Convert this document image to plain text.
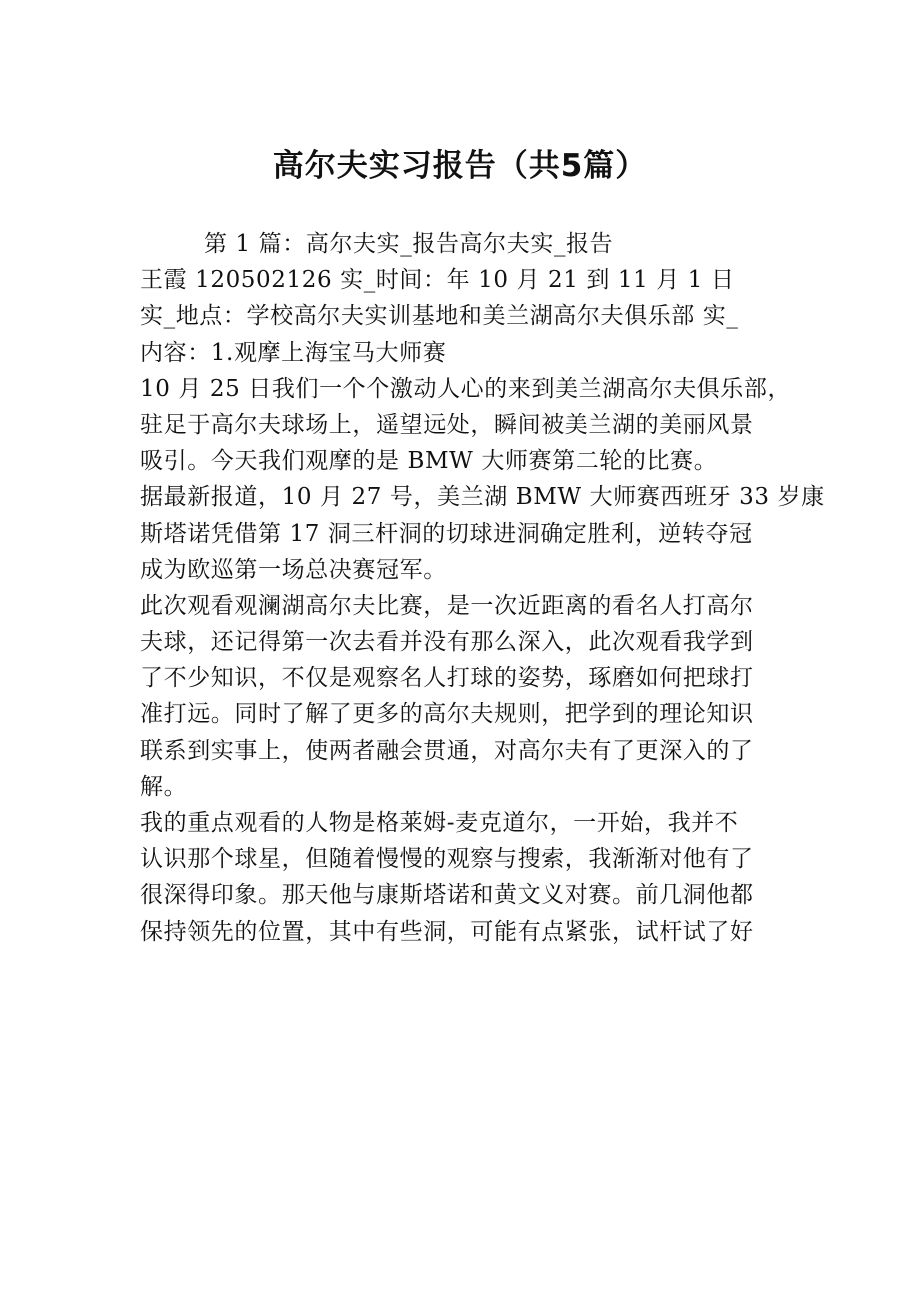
高尔夫实习报告（共5篇）
第 1 篇：高尔夫实_报告高尔夫实_报告
王霞 120502126 实_时间：年 10 月 21 到 11 月 1 日
实_地点：学校高尔夫实训基地和美兰湖高尔夫俱乐部 实_
内容：1.观摩上海宝马大师赛
10 月 25 日我们一个个激动人心的来到美兰湖高尔夫俱乐部，
驻足于高尔夫球场上，遥望远处，瞬间被美兰湖的美丽风景
吸引。今天我们观摩的是 BMW 大师赛第二轮的比赛。
据最新报道，10 月 27 号，美兰湖 BMW 大师赛西班牙 33 岁康
斯塔诺凭借第 17 洞三杆洞的切球进洞确定胜利，逆转夺冠
成为欧巡第一场总决赛冠军。
此次观看观澜湖高尔夫比赛，是一次近距离的看名人打高尔
夫球，还记得第一次去看并没有那么深入，此次观看我学到
了不少知识，不仅是观察名人打球的姿势，琢磨如何把球打
准打远。同时了解了更多的高尔夫规则，把学到的理论知识
联系到实事上，使两者融会贯通，对高尔夫有了更深入的了
解。
我的重点观看的人物是格莱姆-麦克道尔，一开始，我并不
认识那个球星，但随着慢慢的观察与搜索，我渐渐对他有了
很深得印象。那天他与康斯塔诺和黄文义对赛。前几洞他都
保持领先的位置，其中有些洞，可能有点紧张，试杆试了好
